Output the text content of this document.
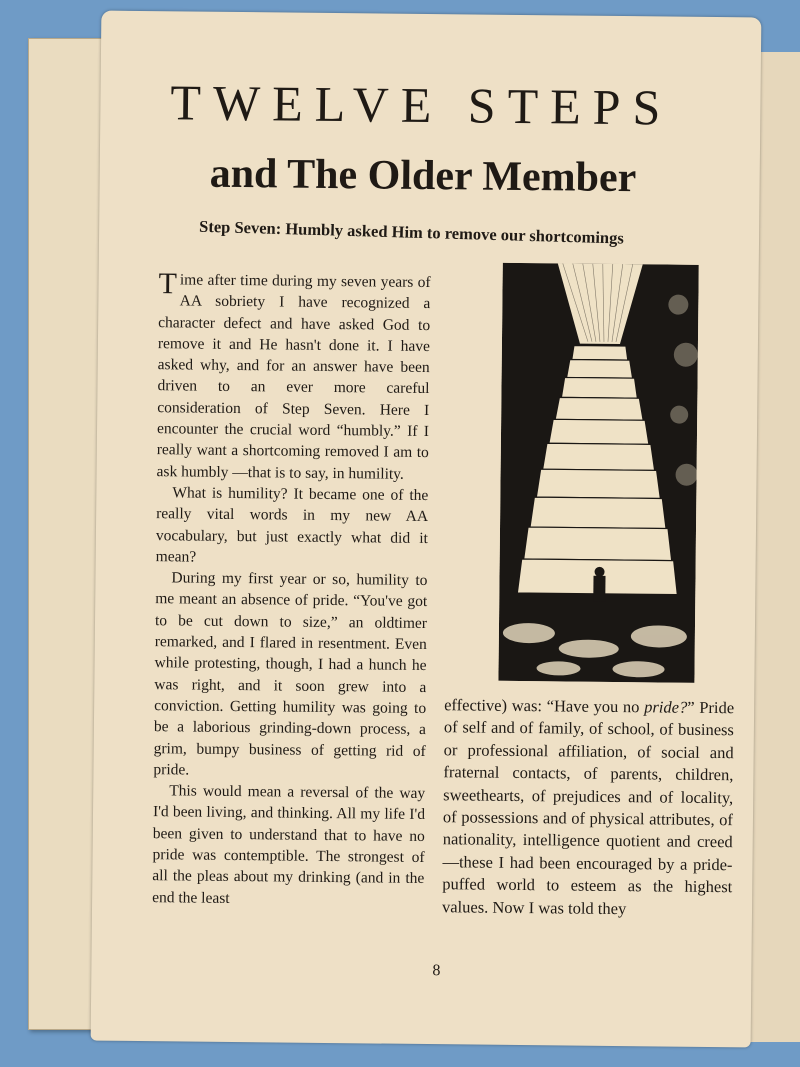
TWELVE STEPS
and The Older Member
Step Seven: Humbly asked Him to remove our shortcomings

Time after time during my seven years of AA sobriety I have recognized a character defect and have asked God to remove it and He hasn't done it. I have asked why, and for an answer have been driven to an ever more careful consideration of Step Seven. Here I encounter the crucial word “humbly.” If I really want a shortcoming removed I am to ask humbly —that is to say, in humility.

What is humility? It became one of the really vital words in my new AA vocabulary, but just exactly what did it mean?

During my first year or so, humility to me meant an absence of pride. “You've got to be cut down to size,” an oldtimer remarked, and I flared in resentment. Even while protesting, though, I had a hunch he was right, and it soon grew into a conviction. Getting humility was going to be a laborious grinding-down process, a grim, bumpy business of getting rid of pride.

This would mean a reversal of the way I'd been living, and thinking. All my life I'd been given to understand that to have no pride was contemptible. The strongest of all the pleas about my drinking (and in the end the least

effective) was: “Have you no pride?” Pride of self and of family, of school, of business or professional affiliation, of social and fraternal contacts, of parents, children, sweethearts, of prejudices and of locality, of possessions and of physical attributes, of nationality, intelligence quotient and creed—these I had been encouraged by a pride-puffed world to esteem as the highest values. Now I was told they

8
